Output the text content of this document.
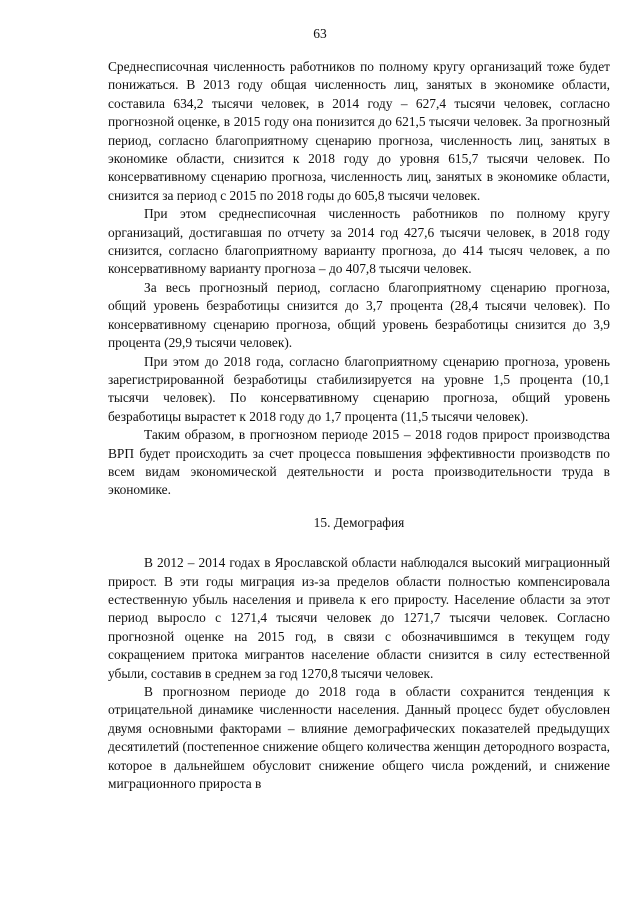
63

Среднесписочная численность работников по полному кругу организаций тоже будет понижаться. В 2013 году общая численность лиц, занятых в экономике области, составила 634,2 тысячи человек, в 2014 году – 627,4 тысячи человек, согласно прогнозной оценке, в 2015 году она понизится до 621,5 тысячи человек. За прогнозный период, согласно благоприятному сценарию прогноза, численность лиц, занятых в экономике области, снизится к 2018 году до уровня 615,7 тысячи человек. По консервативному сценарию прогноза, численность лиц, занятых в экономике области, снизится за период с 2015 по 2018 годы до 605,8 тысячи человек.

При этом среднесписочная численность работников по полному кругу организаций, достигавшая по отчету за 2014 год 427,6 тысячи человек, в 2018 году снизится, согласно благоприятному варианту прогноза, до 414 тысяч человек, а по консервативному варианту прогноза – до 407,8 тысячи человек.

За весь прогнозный период, согласно благоприятному сценарию прогноза, общий уровень безработицы снизится до 3,7 процента (28,4 тысячи человек). По консервативному сценарию прогноза, общий уровень безработицы снизится до 3,9 процента (29,9 тысячи человек).

При этом до 2018 года, согласно благоприятному сценарию прогноза, уровень зарегистрированной безработицы стабилизируется на уровне 1,5 процента (10,1 тысячи человек). По консервативному сценарию прогноза, общий уровень безработицы вырастет к 2018 году до 1,7 процента (11,5 тысячи человек).

Таким образом, в прогнозном периоде 2015 – 2018 годов прирост производства ВРП будет происходить за счет процесса повышения эффективности производств по всем видам экономической деятельности и роста производительности труда в экономике.

15. Демография

В 2012 – 2014 годах в Ярославской области наблюдался высокий миграционный прирост. В эти годы миграция из-за пределов области полностью компенсировала естественную убыль населения и привела к его приросту. Население области за этот период выросло с 1271,4 тысячи человек до 1271,7 тысячи человек. Согласно прогнозной оценке на 2015 год, в связи с обозначившимся в текущем году сокращением притока мигрантов население области снизится в силу естественной убыли, составив в среднем за год 1270,8 тысячи человек.

В прогнозном периоде до 2018 года в области сохранится тенденция к отрицательной динамике численности населения. Данный процесс будет обусловлен двумя основными факторами – влияние демографических показателей предыдущих десятилетий (постепенное снижение общего количества женщин детородного возраста, которое в дальнейшем обусловит снижение общего числа рождений, и снижение миграционного прироста в
